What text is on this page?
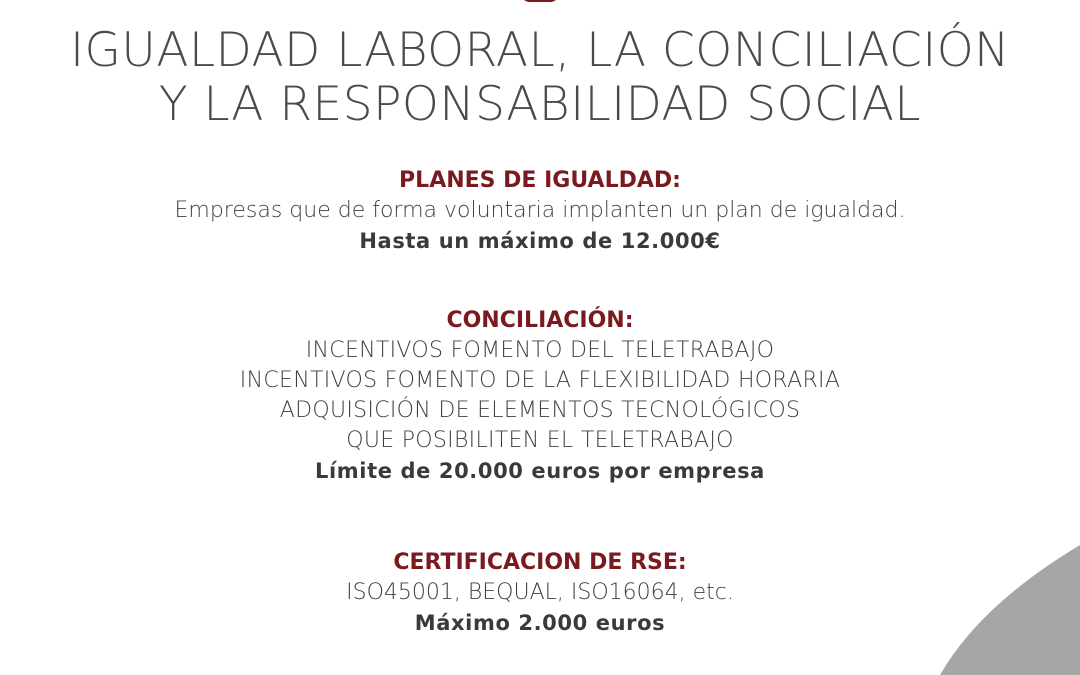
IGUALDAD LABORAL, LA CONCILIACIÓN
Y LA RESPONSABILIDAD SOCIAL
PLANES DE IGUALDAD:
Empresas que de forma voluntaria implanten un plan de igualdad.
Hasta un máximo de 12.000€
CONCILIACIÓN:
INCENTIVOS FOMENTO DEL TELETRABAJO
INCENTIVOS FOMENTO DE LA FLEXIBILIDAD HORARIA
ADQUISICIÓN DE ELEMENTOS TECNOLÓGICOS
QUE POSIBILITEN EL TELETRABAJO
Límite de 20.000 euros por empresa
CERTIFICACION DE RSE:
ISO45001, BEQUAL, ISO16064, etc.
Máximo 2.000 euros
